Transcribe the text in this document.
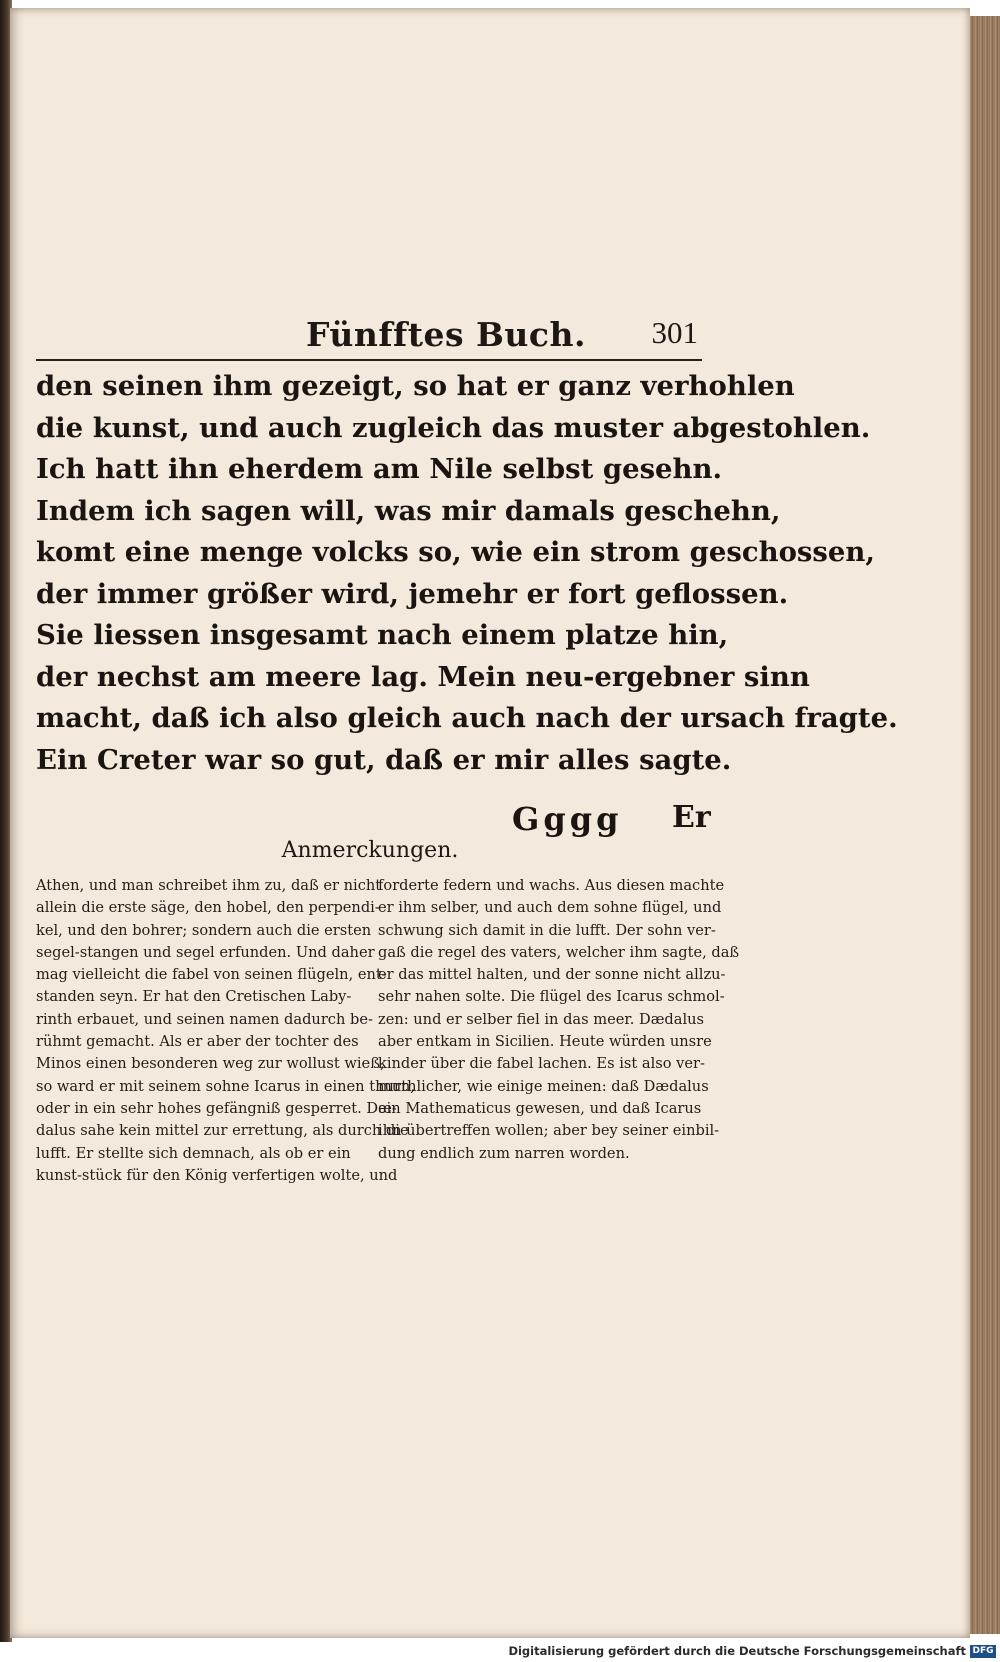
Fünfftes Buch. 301
den seinen ihm gezeigt, so hat er ganz verhohlen
die kunst, und auch zugleich das muster abgestohlen.
Ich hatt ihn eherdem am Nile selbst gesehn.
Indem ich sagen will, was mir damals geschehn,
komt eine menge volcks so, wie ein strom geschossen,
der immer größer wird, jemehr er fort geflossen.
Sie liessen insgesamt nach einem platze hin,
der nechst am meere lag. Mein neu-ergebner sinn
macht, daß ich also gleich auch nach der ursach fragte.
Ein Creter war so gut, daß er mir alles sagte.
Gggg Er
Anmerckungen.
Athen, und man schreibet ihm zu, daß er nicht
allein die erste säge, den hobel, den perpendi-
kel, und den bohrer; sondern auch die ersten
segel-stangen und segel erfunden. Und daher
mag vielleicht die fabel von seinen flügeln, ent-
standen seyn. Er hat den Cretischen Laby-
rinth erbauet, und seinen namen dadurch be-
rühmt gemacht. Als er aber der tochter des
Minos einen besonderen weg zur wollust wieß,
so ward er mit seinem sohne Icarus in einen thurn,
oder in ein sehr hohes gefängniß gesperret. Dæ-
dalus sahe kein mittel zur errettung, als durch die
lufft. Er stellte sich demnach, als ob er ein
kunst-stück für den König verfertigen wolte, und
forderte federn und wachs. Aus diesen machte
er ihm selber, und auch dem sohne flügel, und
schwung sich damit in die lufft. Der sohn ver-
gaß die regel des vaters, welcher ihm sagte, daß
er das mittel halten, und der sonne nicht allzu-
sehr nahen solte. Die flügel des Icarus schmol-
zen: und er selber fiel in das meer. Dædalus
aber entkam in Sicilien. Heute würden unsre
kinder über die fabel lachen. Es ist also ver-
muthlicher, wie einige meinen: daß Dædalus
ein Mathematicus gewesen, und daß Icarus
ihn übertreffen wollen; aber bey seiner einbil-
dung endlich zum narren worden.
Digitalisierung gefördert durch die Deutsche Forschungsgemeinschaft DFG
